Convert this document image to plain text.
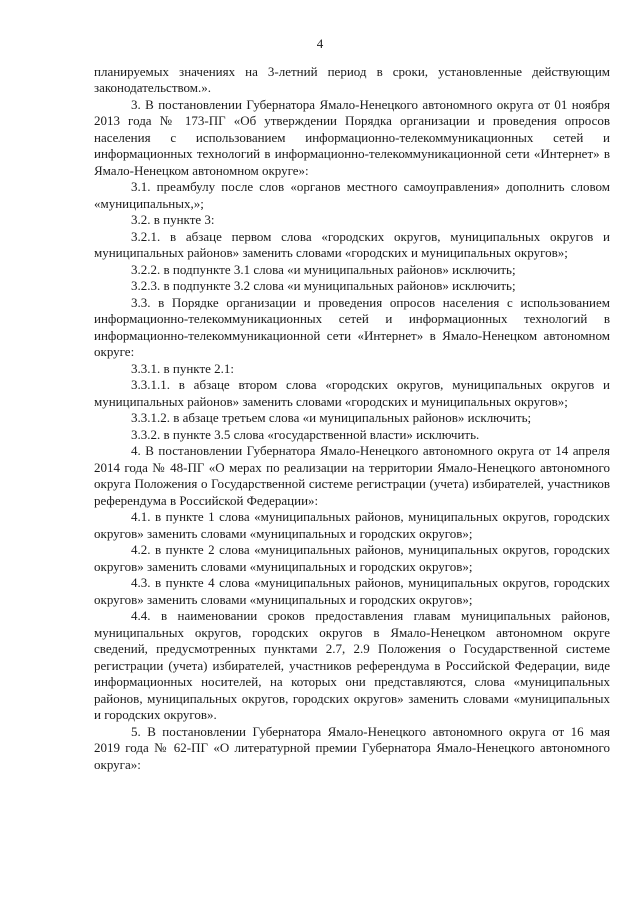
4

планируемых значениях на 3-летний период в сроки, установленные действующим законодательством.».

3. В постановлении Губернатора Ямало-Ненецкого автономного округа от 01 ноября 2013 года № 173-ПГ «Об утверждении Порядка организации и проведения опросов населения с использованием информационно-телекоммуникационных сетей и информационных технологий в информационно-телекоммуникационной сети «Интернет» в Ямало-Ненецком автономном округе»:

3.1. преамбулу после слов «органов местного самоуправления» дополнить словом «муниципальных,»;

3.2. в пункте 3:

3.2.1. в абзаце первом слова «городских округов, муниципальных округов и муниципальных районов» заменить словами «городских и муниципальных округов»;

3.2.2. в подпункте 3.1 слова «и муниципальных районов» исключить;

3.2.3. в подпункте 3.2 слова «и муниципальных районов» исключить;

3.3. в Порядке организации и проведения опросов населения с использованием информационно-телекоммуникационных сетей и информационных технологий в информационно-телекоммуникационной сети «Интернет» в Ямало-Ненецком автономном округе:

3.3.1. в пункте 2.1:

3.3.1.1. в абзаце втором слова «городских округов, муниципальных округов и муниципальных районов» заменить словами «городских и муниципальных округов»;

3.3.1.2. в абзаце третьем слова «и муниципальных районов» исключить;

3.3.2. в пункте 3.5 слова «государственной власти» исключить.

4. В постановлении Губернатора Ямало-Ненецкого автономного округа от 14 апреля 2014 года № 48-ПГ «О мерах по реализации на территории Ямало-Ненецкого автономного округа Положения о Государственной системе регистрации (учета) избирателей, участников референдума в Российской Федерации»:

4.1. в пункте 1 слова «муниципальных районов, муниципальных округов, городских округов» заменить словами «муниципальных и городских округов»;

4.2. в пункте 2 слова «муниципальных районов, муниципальных округов, городских округов» заменить словами «муниципальных и городских округов»;

4.3. в пункте 4 слова «муниципальных районов, муниципальных округов, городских округов» заменить словами «муниципальных и городских округов»;

4.4. в наименовании сроков предоставления главам муниципальных районов, муниципальных округов, городских округов в Ямало-Ненецком автономном округе сведений, предусмотренных пунктами 2.7, 2.9 Положения о Государственной системе регистрации (учета) избирателей, участников референдума в Российской Федерации, виде информационных носителей, на которых они представляются, слова «муниципальных районов, муниципальных округов, городских округов» заменить словами «муниципальных и городских округов».

5. В постановлении Губернатора Ямало-Ненецкого автономного округа от 16 мая 2019 года № 62-ПГ «О литературной премии Губернатора Ямало-Ненецкого автономного округа»:
